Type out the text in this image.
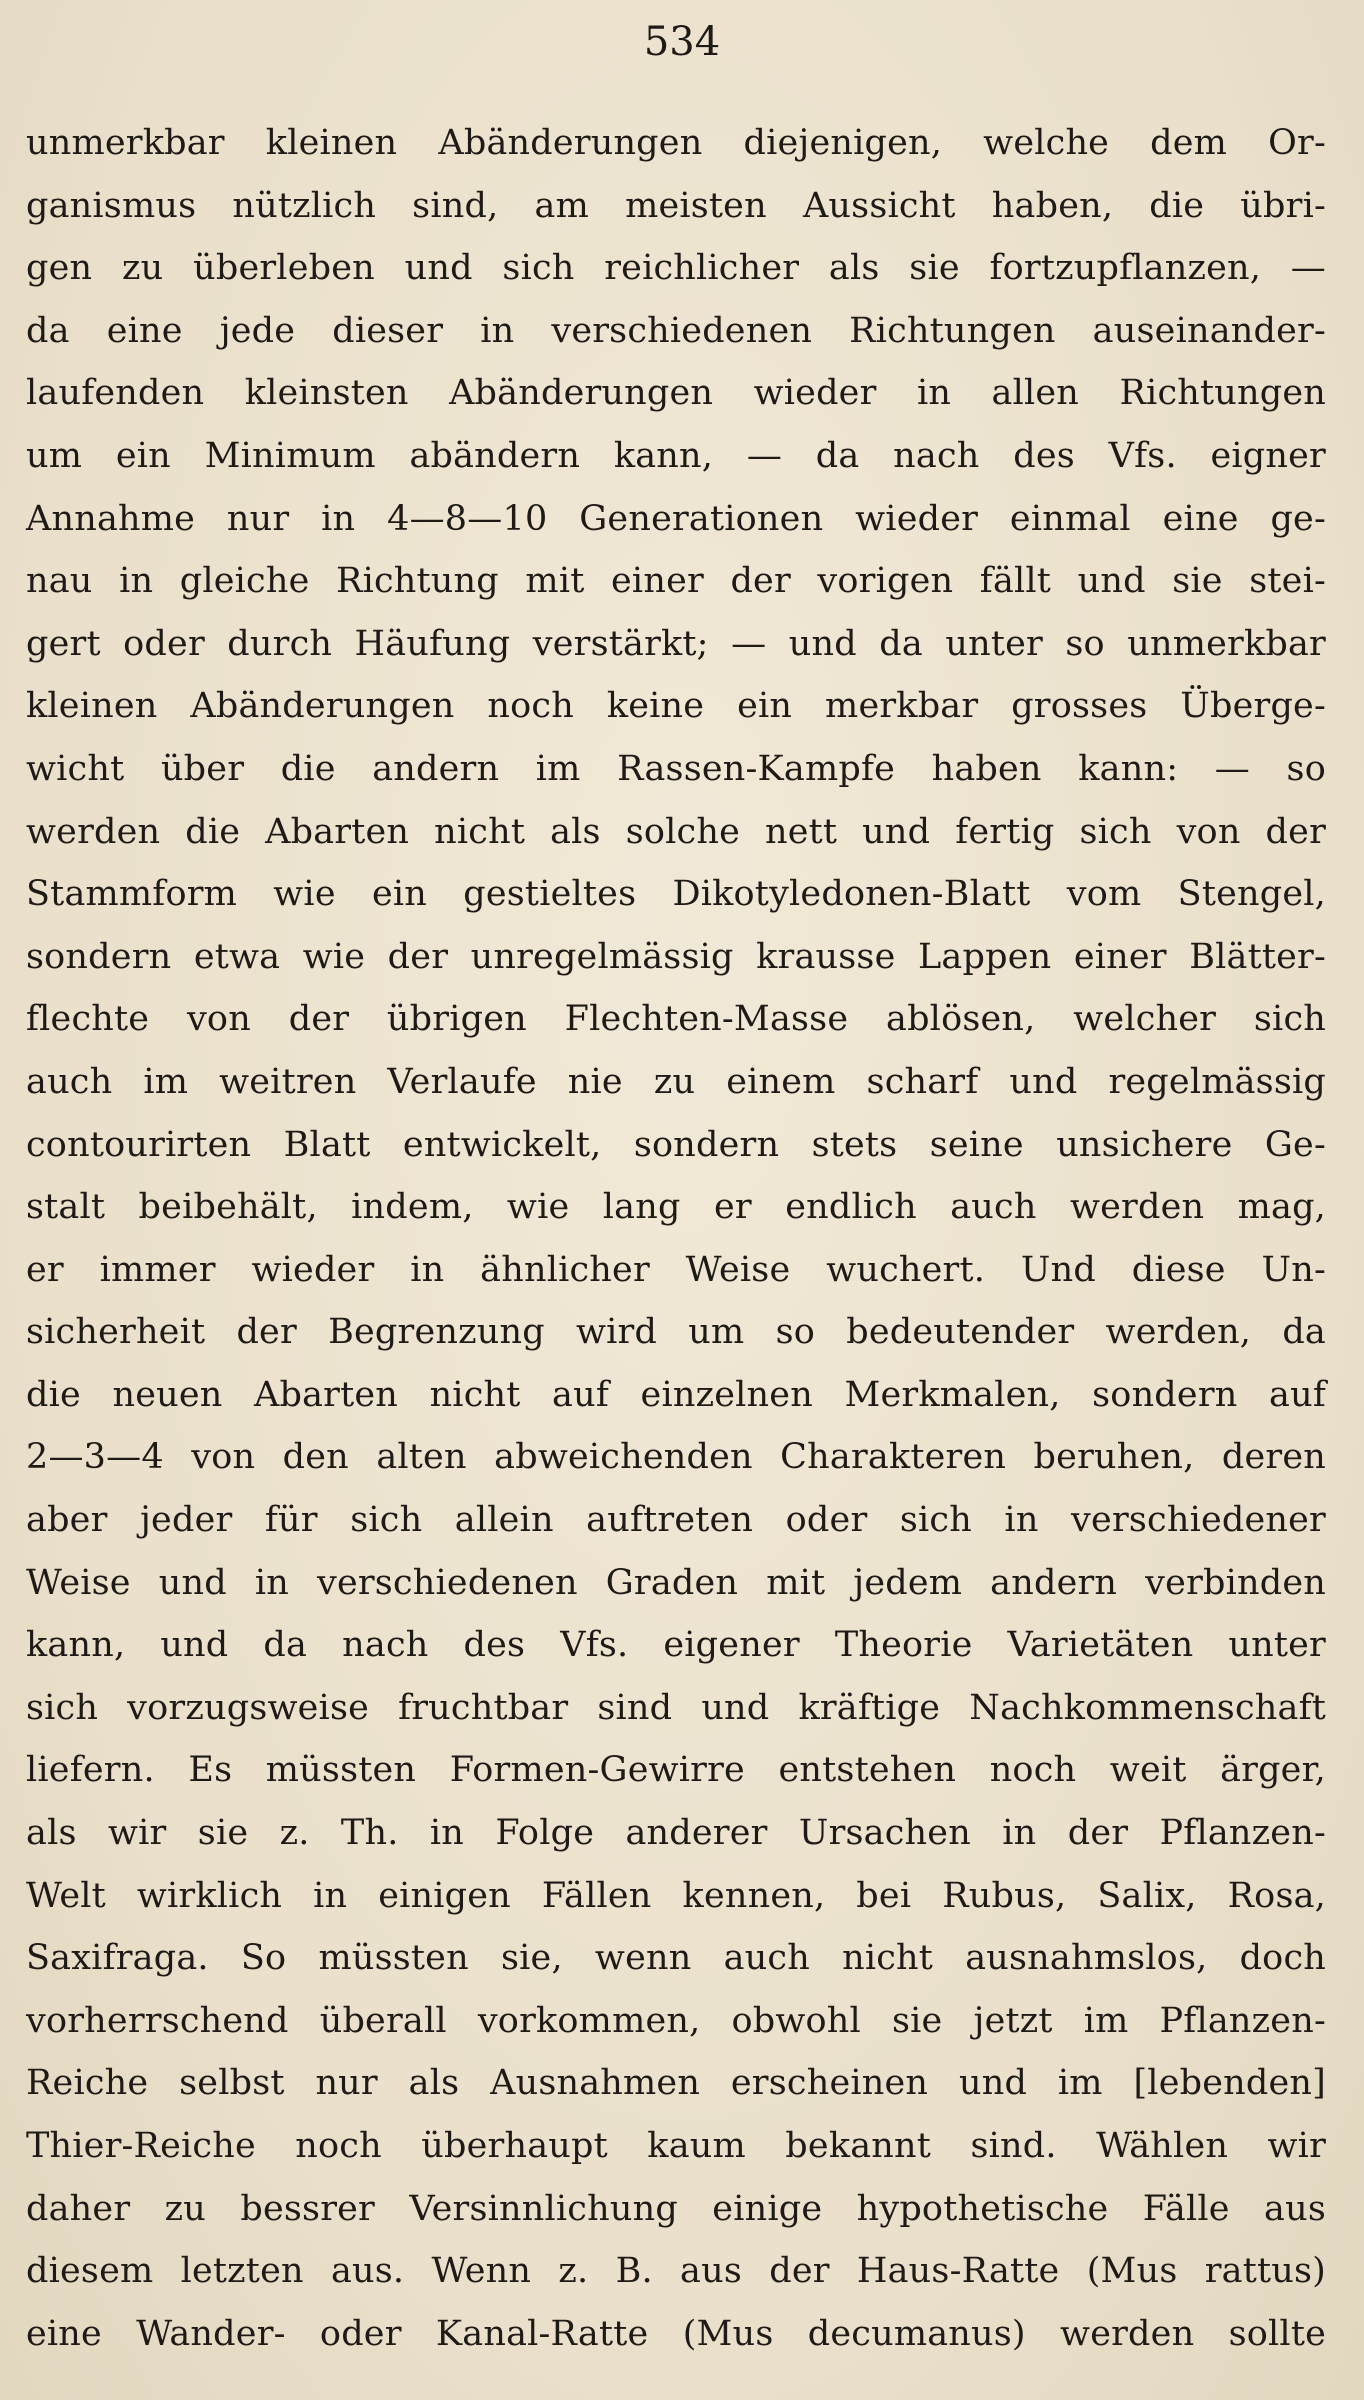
534
unmerkbar kleinen Abänderungen diejenigen, welche dem Or-
ganismus nützlich sind, am meisten Aussicht haben, die übri-
gen zu überleben und sich reichlicher als sie fortzupflanzen, —
da eine jede dieser in verschiedenen Richtungen auseinander-
laufenden kleinsten Abänderungen wieder in allen Richtungen
um ein Minimum abändern kann, — da nach des Vfs. eigner
Annahme nur in 4—8—10 Generationen wieder einmal eine ge-
nau in gleiche Richtung mit einer der vorigen fällt und sie stei-
gert oder durch Häufung verstärkt; — und da unter so unmerkbar
kleinen Abänderungen noch keine ein merkbar grosses Überge-
wicht über die andern im Rassen-Kampfe haben kann: — so
werden die Abarten nicht als solche nett und fertig sich von der
Stammform wie ein gestieltes Dikotyledonen-Blatt vom Stengel,
sondern etwa wie der unregelmässig krausse Lappen einer Blätter-
flechte von der übrigen Flechten-Masse ablösen, welcher sich
auch im weitren Verlaufe nie zu einem scharf und regelmässig
contourirten Blatt entwickelt, sondern stets seine unsichere Ge-
stalt beibehält, indem, wie lang er endlich auch werden mag,
er immer wieder in ähnlicher Weise wuchert. Und diese Un-
sicherheit der Begrenzung wird um so bedeutender werden, da
die neuen Abarten nicht auf einzelnen Merkmalen, sondern auf
2—3—4 von den alten abweichenden Charakteren beruhen, deren
aber jeder für sich allein auftreten oder sich in verschiedener
Weise und in verschiedenen Graden mit jedem andern verbinden
kann, und da nach des Vfs. eigener Theorie Varietäten unter
sich vorzugsweise fruchtbar sind und kräftige Nachkommenschaft
liefern. Es müssten Formen-Gewirre entstehen noch weit ärger,
als wir sie z. Th. in Folge anderer Ursachen in der Pflanzen-
Welt wirklich in einigen Fällen kennen, bei Rubus, Salix, Rosa,
Saxifraga. So müssten sie, wenn auch nicht ausnahmslos, doch
vorherrschend überall vorkommen, obwohl sie jetzt im Pflanzen-
Reiche selbst nur als Ausnahmen erscheinen und im [lebenden]
Thier-Reiche noch überhaupt kaum bekannt sind. Wählen wir
daher zu bessrer Versinnlichung einige hypothetische Fälle aus
diesem letzten aus. Wenn z. B. aus der Haus-Ratte (Mus rattus)
eine Wander- oder Kanal-Ratte (Mus decumanus) werden sollte
